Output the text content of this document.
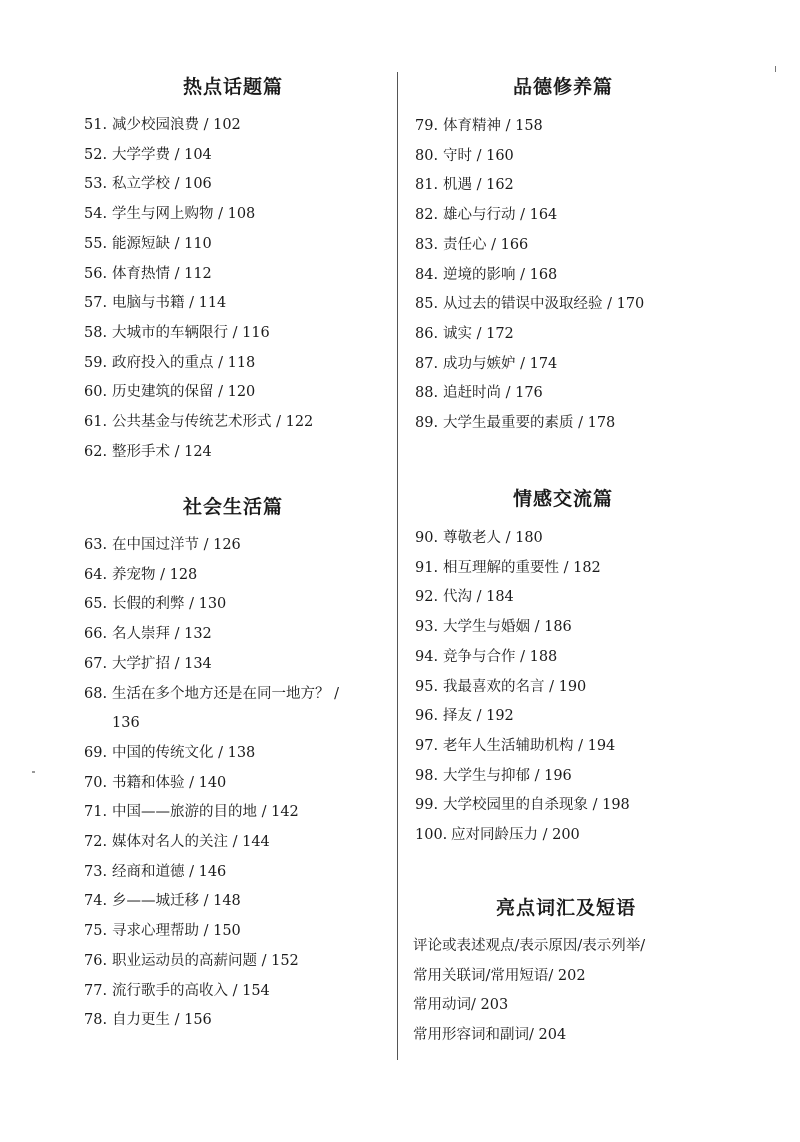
热点话题篇
51. 减少校园浪费 / 102
52. 大学学费 / 104
53. 私立学校 / 106
54. 学生与网上购物 / 108
55. 能源短缺 / 110
56. 体育热情 / 112
57. 电脑与书籍 / 114
58. 大城市的车辆限行 / 116
59. 政府投入的重点 / 118
60. 历史建筑的保留 / 120
61. 公共基金与传统艺术形式 / 122
62. 整形手术 / 124
社会生活篇
63. 在中国过洋节 / 126
64. 养宠物 / 128
65. 长假的利弊 / 130
66. 名人崇拜 / 132
67. 大学扩招 / 134
68. 生活在多个地方还是在同一地方？ / 136
69. 中国的传统文化 / 138
70. 书籍和体验 / 140
71. 中国——旅游的目的地 / 142
72. 媒体对名人的关注 / 144
73. 经商和道德 / 146
74. 乡——城迁移 / 148
75. 寻求心理帮助 / 150
76. 职业运动员的高薪问题 / 152
77. 流行歌手的高收入 / 154
78. 自力更生 / 156
品德修养篇
79. 体育精神 / 158
80. 守时 / 160
81. 机遇 / 162
82. 雄心与行动 / 164
83. 责任心 / 166
84. 逆境的影响 / 168
85. 从过去的错误中汲取经验 / 170
86. 诚实 / 172
87. 成功与嫉妒 / 174
88. 追赶时尚 / 176
89. 大学生最重要的素质 / 178
情感交流篇
90. 尊敬老人 / 180
91. 相互理解的重要性 / 182
92. 代沟 / 184
93. 大学生与婚姻 / 186
94. 竞争与合作 / 188
95. 我最喜欢的名言 / 190
96. 择友 / 192
97. 老年人生活辅助机构 / 194
98. 大学生与抑郁 / 196
99. 大学校园里的自杀现象 / 198
100. 应对同龄压力 / 200
亮点词汇及短语
评论或表述观点/表示原因/表示列举/
常用关联词/常用短语/ 202
常用动词/ 203
常用形容词和副词/ 204
